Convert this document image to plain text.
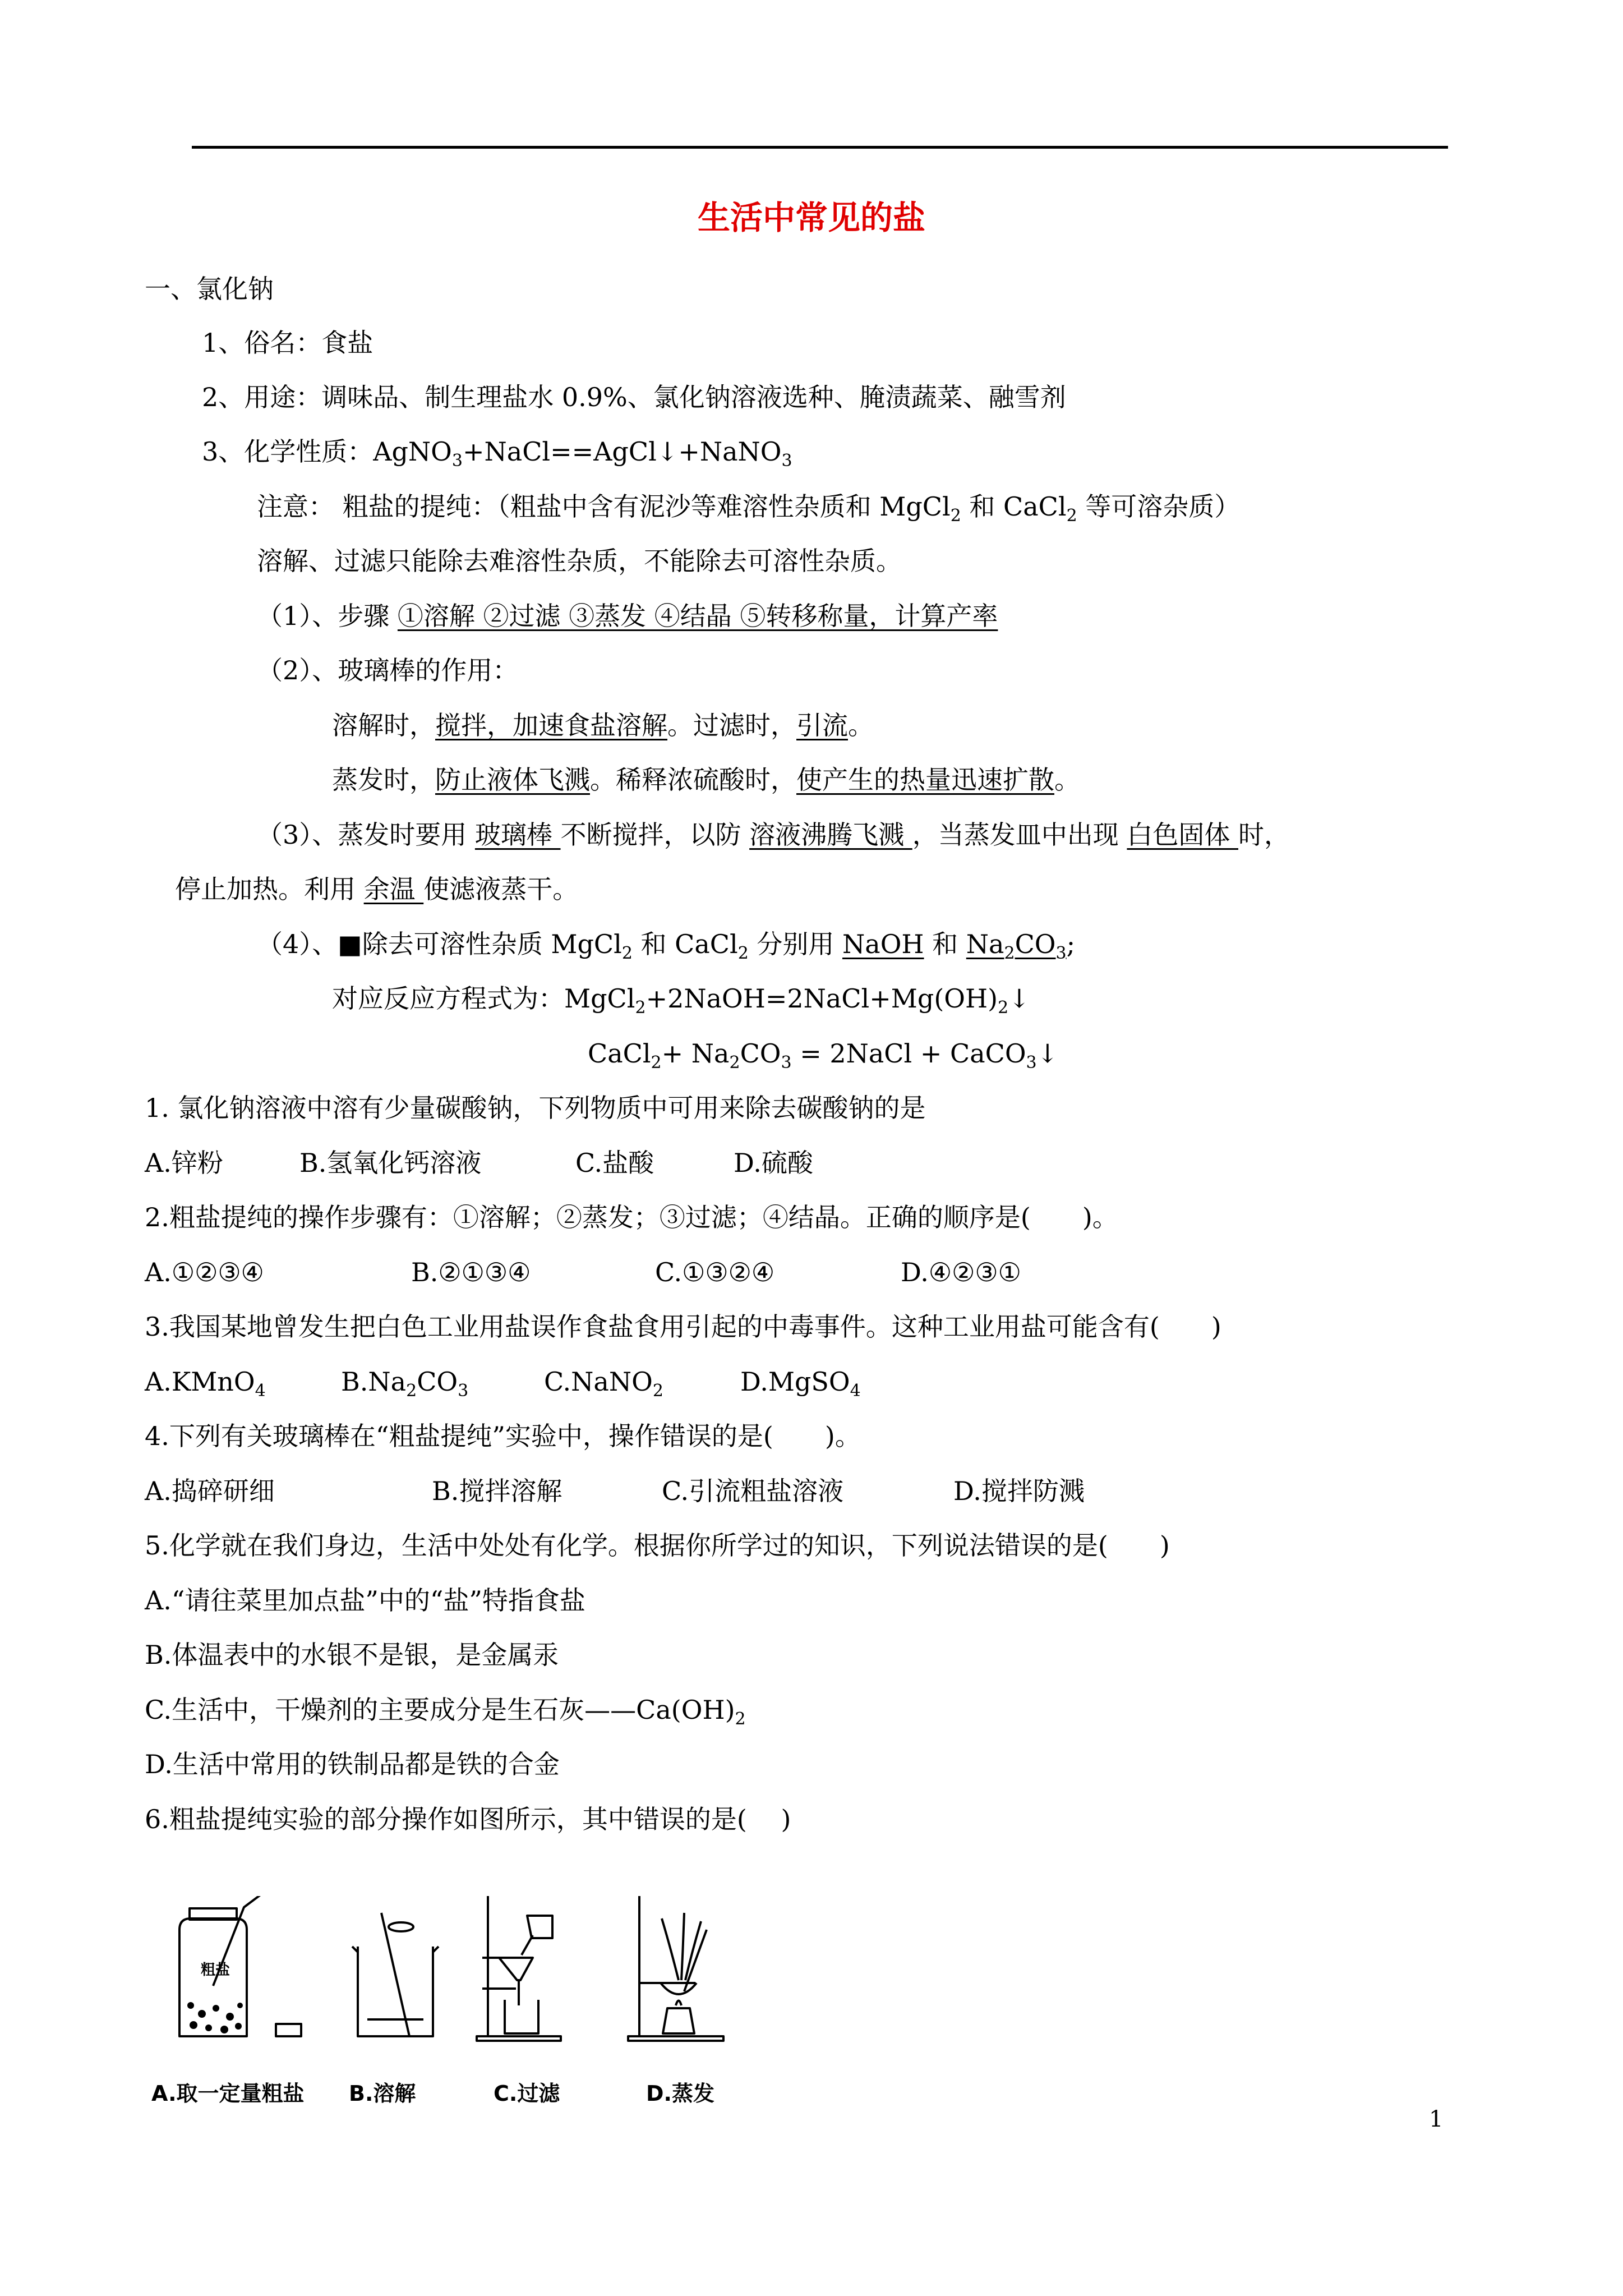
生活中常见的盐
一、氯化钠
1、俗名：食盐
2、用途：调味品、制生理盐水 0.9%、氯化钠溶液选种、腌渍蔬菜、融雪剂
3、化学性质：AgNO$_3$+NaCl==AgCl↓+NaNO$_3$
注意： 粗盐的提纯：（粗盐中含有泥沙等难溶性杂质和 MgCl$_2$ 和 CaCl$_2$ 等可溶杂质）
溶解、过滤只能除去难溶性杂质，不能除去可溶性杂质。
（1）、步骤 ①溶解 ②过滤 ③蒸发 ④结晶 ⑤转移称量，计算产率
（2）、玻璃棒的作用：
溶解时，搅拌，加速食盐溶解。过滤时，引流。
蒸发时，防止液体飞溅。稀释浓硫酸时，使产生的热量迅速扩散。
（3）、蒸发时要用 玻璃棒 不断搅拌，以防 溶液沸腾飞溅 ，当蒸发皿中出现 白色固体 时，
停止加热。利用 余温 使滤液蒸干。
（4）、■除去可溶性杂质 MgCl$_2$ 和 CaCl$_2$ 分别用 NaOH 和 $Na_2CO_3$;
对应反应方程式为：$MgCl_2+2NaOH=2NaCl+Mg(OH)_2↓$
CaCl$_2$+ $Na_2CO_3$ = 2NaCl + CaCO$_3$↓
1. 氯化钠溶液中溶有少量碳酸钠，下列物质中可用来除去碳酸钠的是
A.锌粉	B.氢氧化钙溶液	C.盐酸	D.硫酸
2.粗盐提纯的操作步骤有：①溶解；②蒸发；③过滤；④结晶。正确的顺序是(　　)。
A.①②③④	B.②①③④	C.①③②④	D.④②③①
3.我国某地曾发生把白色工业用盐误作食盐食用引起的中毒事件。这种工业用盐可能含有(　　)
A.KMnO$_4$	$B.Na_2CO_3$	C.NaNO$_2$	D.MgSO$_4$
4.下列有关玻璃棒在“粗盐提纯”实验中，操作错误的是(　　)。
A.捣碎研细	B.搅拌溶解	C.引流粗盐溶液	D.搅拌防溅
5.化学就在我们身边，生活中处处有化学。根据你所学过的知识，下列说法错误的是(　　)
A.“请往菜里加点盐”中的“盐”特指食盐
B.体温表中的水银不是银，是金属汞
C.生活中，干燥剂的主要成分是生石灰$——Ca(OH)_2$
D.生活中常用的铁制品都是铁的合金
6.粗盐提纯实验的部分操作如图所示，其中错误的是(　 )
粗盐
A.取一定量粗盐 B.溶解	C.过滤	D.蒸发
1
